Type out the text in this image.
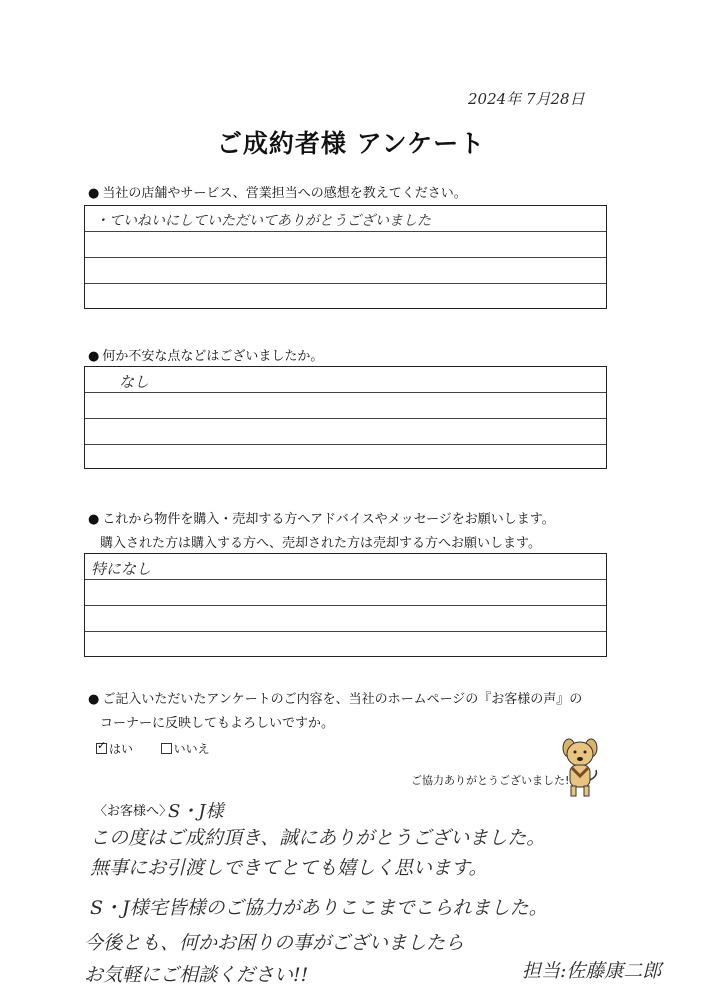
2024年 7月28日
ご成約者様 アンケート
● 当社の店舗やサービス、営業担当への感想を教えてください。
・ていねいにしていただいてありがとうございました
● 何か不安な点などはございましたか。
なし
● これから物件を購入・売却する方へアドバイスやメッセージをお願いします。
購入された方は購入する方へ、売却された方は売却する方へお願いします。
特になし
● ご記入いただいたアンケートのご内容を、当社のホームページの『お客様の声』の
コーナーに反映してもよろしいですか。
✓はい	いいえ
ご協力ありがとうございました!
〈お客様へ〉
S・J様
この度はご成約頂き、誠にありがとうございました。
無事にお引渡しできてとても嬉しく思います。
S・J様宅皆様のご協力がありここまでこられました。
今後とも、何かお困りの事がございましたら
お気軽にご相談ください!!	担当:佐藤康二郎
